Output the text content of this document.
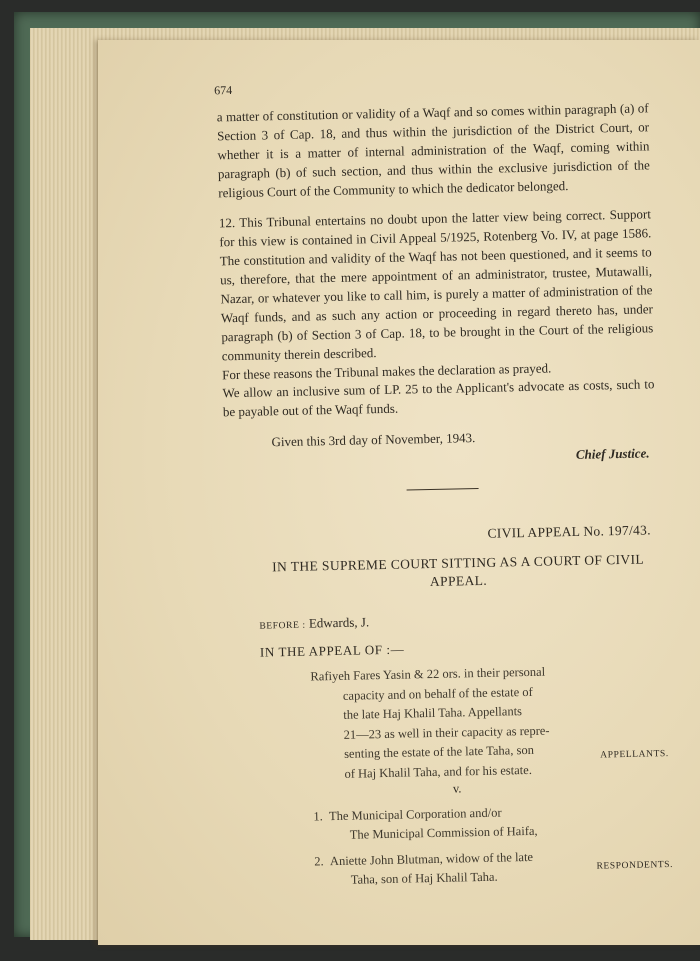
674

a matter of constitution or validity of a Waqf and so comes within paragraph (a) of Section 3 of Cap. 18, and thus within the jurisdiction of the District Court, or whether it is a matter of internal administration of the Waqf, coming within paragraph (b) of such section, and thus within the exclusive jurisdiction of the religious Court of the Community to which the dedicator belonged.

12. This Tribunal entertains no doubt upon the latter view being correct. Support for this view is contained in Civil Appeal 5/1925, Rotenberg Vo. IV, at page 1586. The constitution and validity of the Waqf has not been questioned, and it seems to us, therefore, that the mere appointment of an administrator, trustee, Mutawalli, Nazar, or whatever you like to call him, is purely a matter of administration of the Waqf funds, and as such any action or proceeding in regard thereto has, under paragraph (b) of Section 3 of Cap. 18, to be brought in the Court of the religious community therein described.

For these reasons the Tribunal makes the declaration as prayed.

We allow an inclusive sum of LP. 25 to the Applicant's advocate as costs, such to be payable out of the Waqf funds.

Given this 3rd day of November, 1943.
Chief Justice.
CIVIL APPEAL No. 197/43.
IN THE SUPREME COURT SITTING AS A COURT OF CIVIL APPEAL.
BEFORE : Edwards, J.
IN THE APPEAL OF :—
Rafiyeh Fares Yasin & 22 ors. in their personal
capacity and on behalf of the estate of
the late Haj Khalil Taha. Appellants
21—23 as well in their capacity as repre-
senting the estate of the late Taha, son
of Haj Khalil Taha, and for his estate.
APPELLANTS.
v.
1. The Municipal Corporation and/or
The Municipal Commission of Haifa,
2. Aniette John Blutman, widow of the late
Taha, son of Haj Khalil Taha.
RESPONDENTS.
